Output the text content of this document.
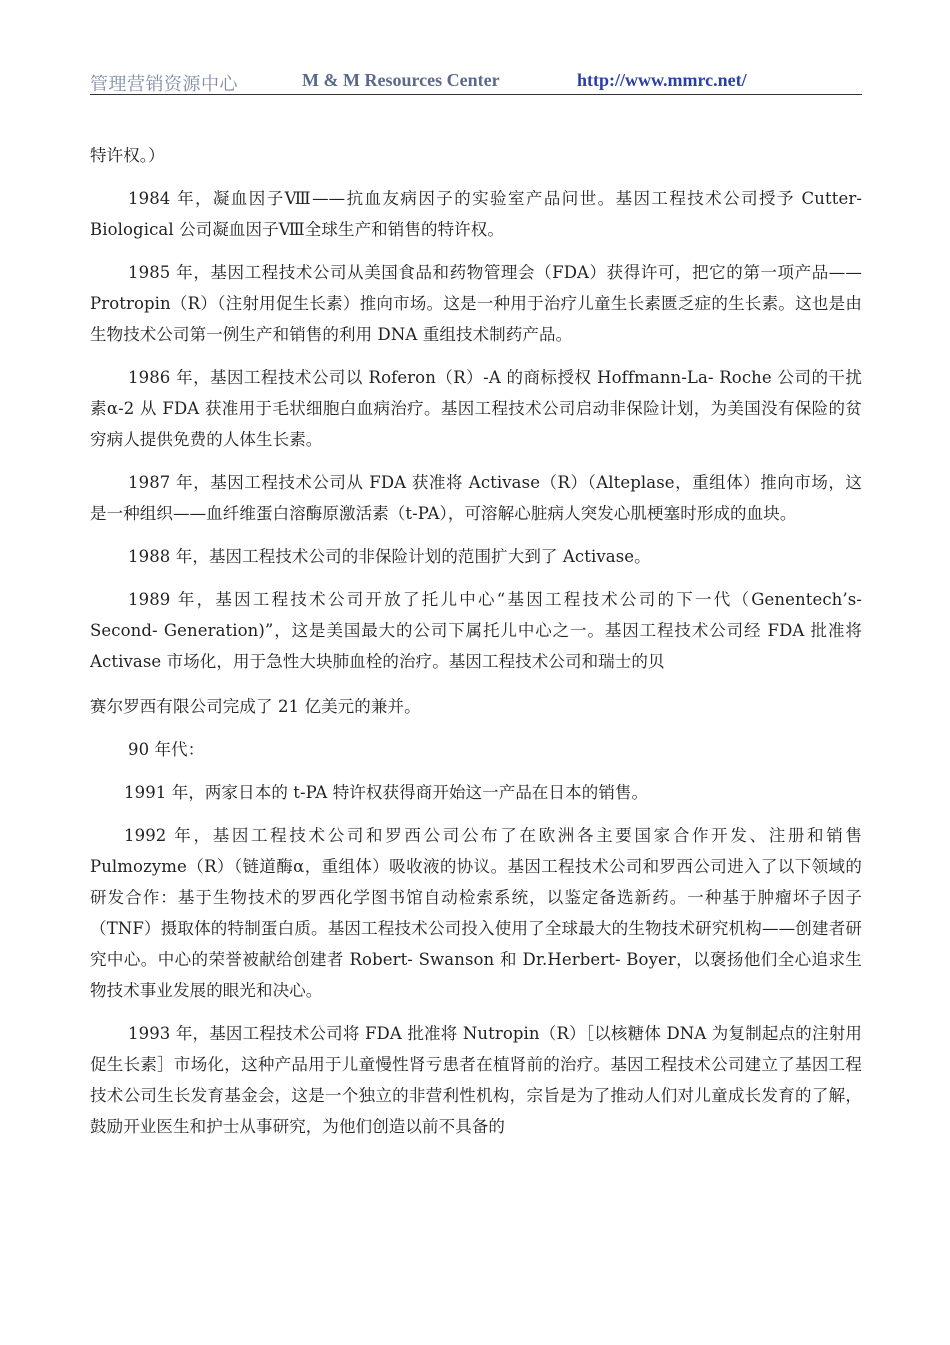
管理营销资源中心	M & M Resources Center	http://www.mmrc.net/

特许权。）

1984 年，凝血因子Ⅷ——抗血友病因子的实验室产品问世。基因工程技术公司授予 Cutter- Biological 公司凝血因子Ⅷ全球生产和销售的特许权。

1985 年，基因工程技术公司从美国食品和药物管理会（FDA）获得许可，把它的第一项产品——Protropin（R）（注射用促生长素）推向市场。这是一种用于治疗儿童生长素匮乏症的生长素。这也是由生物技术公司第一例生产和销售的利用 DNA 重组技术制药产品。

1986 年，基因工程技术公司以 Roferon（R）-A 的商标授权 Hoffmann-La- Roche 公司的干扰素α-2 从 FDA 获准用于毛状细胞白血病治疗。基因工程技术公司启动非保险计划，为美国没有保险的贫穷病人提供免费的人体生长素。

1987 年，基因工程技术公司从 FDA 获准将 Activase（R）（Alteplase，重组体）推向市场，这是一种组织——血纤维蛋白溶酶原激活素（t-PA），可溶解心脏病人突发心肌梗塞时形成的血块。

1988 年，基因工程技术公司的非保险计划的范围扩大到了 Activase。

1989 年，基因工程技术公司开放了托儿中心“基因工程技术公司的下一代（Genentech’s- Second- Generation)”，这是美国最大的公司下属托儿中心之一。基因工程技术公司经 FDA 批准将 Activase 市场化，用于急性大块肺血栓的治疗。基因工程技术公司和瑞士的贝

赛尔罗西有限公司完成了 21 亿美元的兼并。

90 年代：

1991 年，两家日本的 t-PA 特许权获得商开始这一产品在日本的销售。

1992 年，基因工程技术公司和罗西公司公布了在欧洲各主要国家合作开发、注册和销售 Pulmozyme（R）（链道酶α，重组体）吸收液的协议。基因工程技术公司和罗西公司进入了以下领域的研发合作：基于生物技术的罗西化学图书馆自动检索系统，以鉴定备选新药。一种基于肿瘤坏子因子（TNF）摄取体的特制蛋白质。基因工程技术公司投入使用了全球最大的生物技术研究机构——创建者研究中心。中心的荣誉被献给创建者 Robert- Swanson 和 Dr.Herbert- Boyer，以褒扬他们全心追求生物技术事业发展的眼光和决心。

1993 年，基因工程技术公司将 FDA 批准将 Nutropin（R）［以核糖体 DNA 为复制起点的注射用促生长素］市场化，这种产品用于儿童慢性肾亏患者在植肾前的治疗。基因工程技术公司建立了基因工程技术公司生长发育基金会，这是一个独立的非营利性机构，宗旨是为了推动人们对儿童成长发育的了解，鼓励开业医生和护士从事研究，为他们创造以前不具备的
